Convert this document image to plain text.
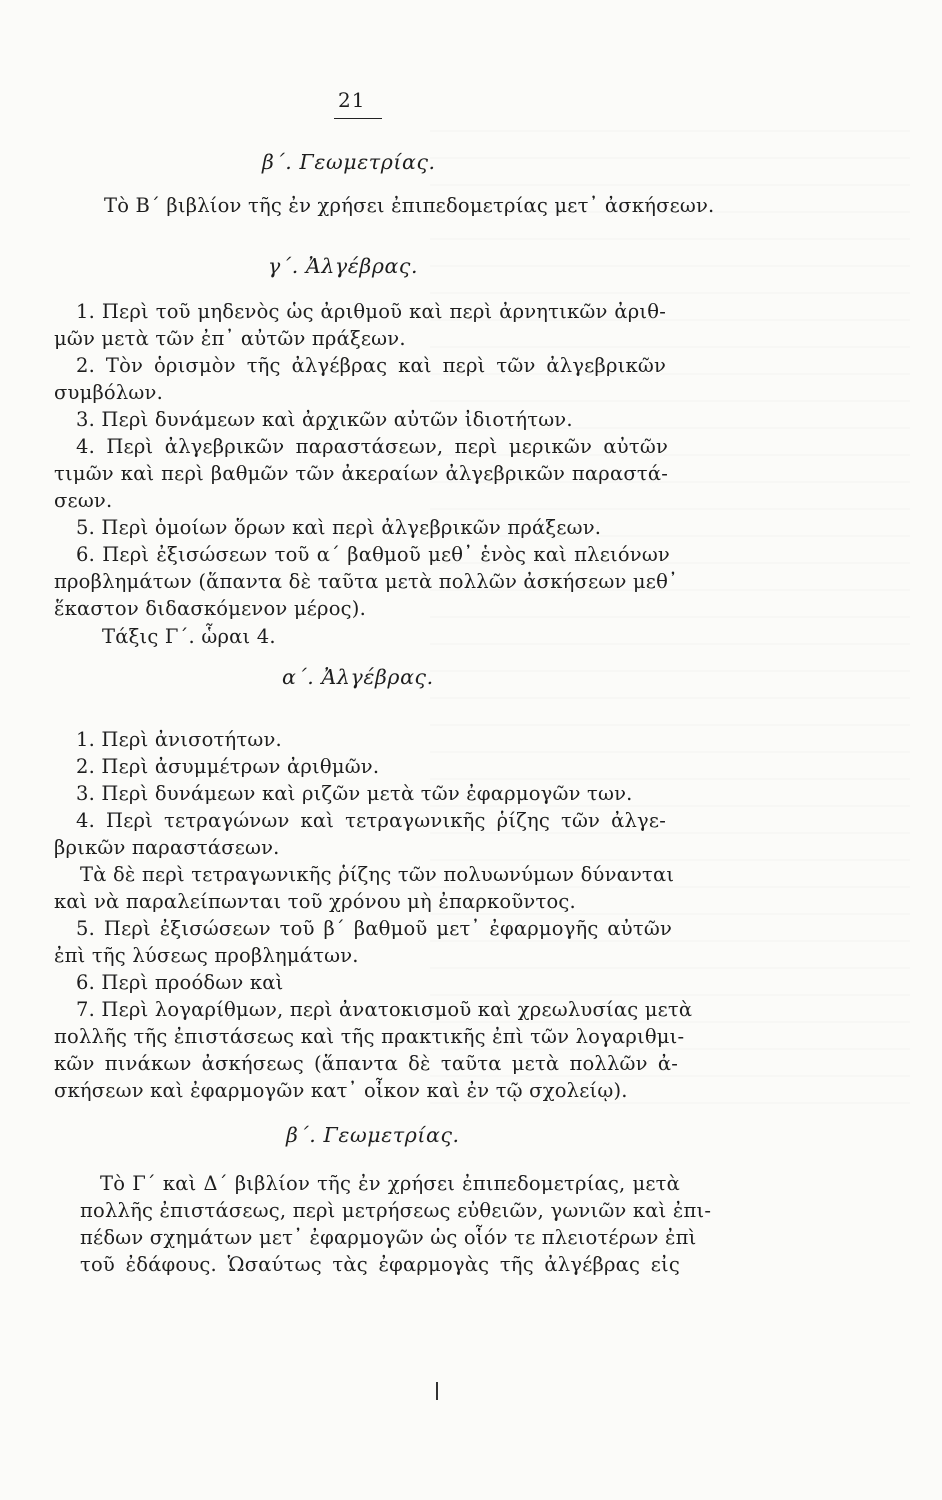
21
β΄. Γεωμετρίας.
Τὸ Β΄ βιβλίον τῆς ἐν χρήσει ἐπιπεδομετρίας μετ᾽ ἀσκήσεων.
γ΄. Ἀλγέβρας.
1. Περὶ τοῦ μηδενὸς ὡς ἀριθμοῦ καὶ περὶ ἀρνητικῶν ἀριθ-
μῶν μετὰ τῶν ἐπ᾽ αὐτῶν πράξεων.
2. Τὸν ὁρισμὸν τῆς ἀλγέβρας καὶ περὶ τῶν ἀλγεβρικῶν
συμβόλων.
3. Περὶ δυνάμεων καὶ ἀρχικῶν αὐτῶν ἰδιοτήτων.
4. Περὶ ἀλγεβρικῶν παραστάσεων, περὶ μερικῶν αὐτῶν
τιμῶν καὶ περὶ βαθμῶν τῶν ἀκεραίων ἀλγεβρικῶν παραστά-
σεων.
5. Περὶ ὁμοίων ὅρων καὶ περὶ ἀλγεβρικῶν πράξεων.
6. Περὶ ἐξισώσεων τοῦ α΄ βαθμοῦ μεθ᾽ ἑνὸς καὶ πλειόνων
προβλημάτων (ἅπαντα δὲ ταῦτα μετὰ πολλῶν ἀσκήσεων μεθ᾽
ἕκαστον διδασκόμενον μέρος).
Τάξις Γ΄. ὧραι 4.
α΄. Ἀλγέβρας.
1. Περὶ ἀνισοτήτων.
2. Περὶ ἀσυμμέτρων ἀριθμῶν.
3. Περὶ δυνάμεων καὶ ριζῶν μετὰ τῶν ἐφαρμογῶν των.
4. Περὶ τετραγώνων καὶ τετραγωνικῆς ῥίζης τῶν ἀλγε-
βρικῶν παραστάσεων.
Τὰ δὲ περὶ τετραγωνικῆς ῥίζης τῶν πολυωνύμων δύνανται
καὶ νὰ παραλείπωνται τοῦ χρόνου μὴ ἐπαρκοῦντος.
5. Περὶ ἐξισώσεων τοῦ β΄ βαθμοῦ μετ᾽ ἐφαρμογῆς αὐτῶν
ἐπὶ τῆς λύσεως προβλημάτων.
6. Περὶ προόδων καὶ
7. Περὶ λογαρίθμων, περὶ ἀνατοκισμοῦ καὶ χρεωλυσίας μετὰ
πολλῆς τῆς ἐπιστάσεως καὶ τῆς πρακτικῆς ἐπὶ τῶν λογαριθμι-
κῶν πινάκων ἀσκήσεως (ἅπαντα δὲ ταῦτα μετὰ πολλῶν ἀ-
σκήσεων καὶ ἐφαρμογῶν κατ᾽ οἶκον καὶ ἐν τῷ σχολείῳ).
β΄. Γεωμετρίας.
Τὸ Γ΄ καὶ Δ΄ βιβλίον τῆς ἐν χρήσει ἐπιπεδομετρίας, μετὰ
πολλῆς ἐπιστάσεως, περὶ μετρήσεως εὐθειῶν, γωνιῶν καὶ ἐπι-
πέδων σχημάτων μετ᾽ ἐφαρμογῶν ὡς οἷόν τε πλειοτέρων ἐπὶ
τοῦ ἐδάφους. Ὡσαύτως τὰς ἐφαρμογὰς τῆς ἀλγέβρας εἰς
